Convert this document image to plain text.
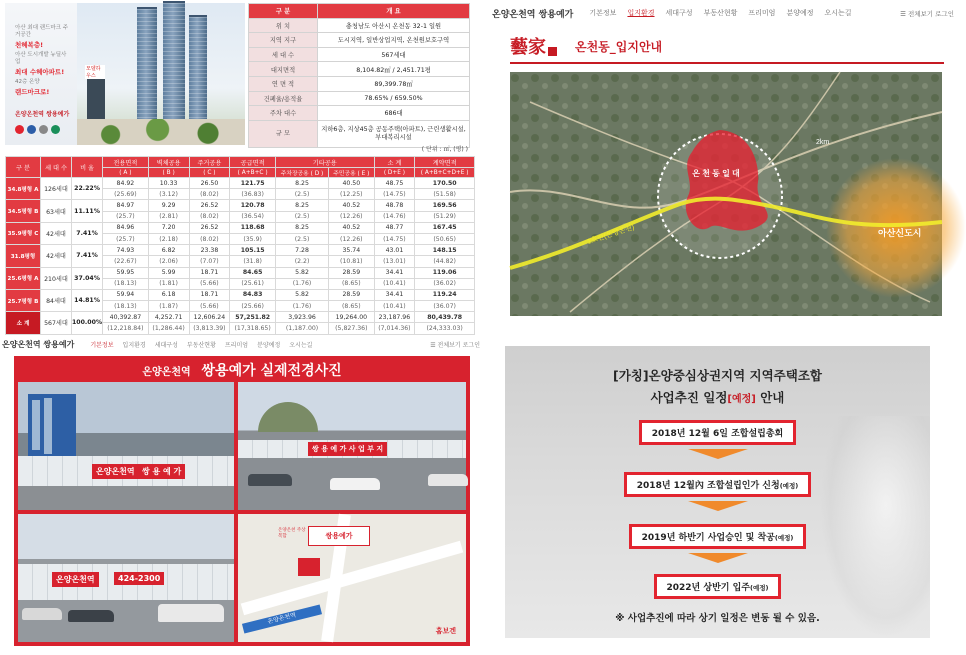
아산 최대 랜드마크 주거공간
천혜복층!
아산 도시개발 뉴딜사업
최대 수혜아파트!
42층 온양
랜드마크로!
온양온천역 쌍용예가
모델하우스
구 분	개 요
위 치	충청남도 아산시 온천동 32-1 일원
지역 지구	도시지역, 일반상업지역, 온천원보호구역
세 대 수	567세대
대지면적	8,104.82㎡ / 2,451.71평
연 면 적	89,399.78㎡
건폐율/용적율	78.65% / 659.50%
주차 대수	686대
규 모	지하6층, 지상45층 공동주택(아파트), 근린생활시설, 부대복리시설
( 단위 : ㎡, (평) )
구 분	세 대 수	비 율	전용면적	벽체공용	주거공용	공급면적	기타공용		소 계	계약면적
			( A )	( B )	( C )	( A+B+C )	주차장공용 ( D )	주민공용 ( E )	( D+E )	( A+B+C+D+E )
34.8평형 A	126세대	22.22%	84.92	10.33	26.50	121.75	8.25	40.50	48.75	170.50
			(25.69)	(3.12)	(8.02)	(36.83)	(2.5)	(12.25)	(14.75)	(51.58)
34.5평형 B	63세대	11.11%	84.97	9.29	26.52	120.78	8.25	40.52	48.78	169.56
			(25.7)	(2.81)	(8.02)	(36.54)	(2.5)	(12.26)	(14.76)	(51.29)
35.9평형 C	42세대	7.41%	84.96	7.20	26.52	118.68	8.25	40.52	48.77	167.45
			(25.7)	(2.18)	(8.02)	(35.9)	(2.5)	(12.26)	(14.75)	(50.65)
31.8평형	42세대	7.41%	74.93	6.82	23.38	105.15	7.28	35.74	43.01	148.15
			(22.67)	(2.06)	(7.07)	(31.8)	(2.2)	(10.81)	(13.01)	(44.82)
25.6평형 A	210세대	37.04%	59.95	5.99	18.71	84.65	5.82	28.59	34.41	119.06
			(18.13)	(1.81)	(5.66)	(25.61)	(1.76)	(8.65)	(10.41)	(36.02)
25.7평형 B	84세대	14.81%	59.94	6.18	18.71	84.83	5.82	28.59	34.41	119.24
			(18.13)	(1.87)	(5.66)	(25.66)	(1.76)	(8.65)	(10.41)	(36.07)
소 계	567세대	100.00%	40,392.87	4,252.71	12,606.24	57,251.82	3,923.96	19,264.00	23,187.96	80,439.78
			(12,218.84)	(1,286.44)	(3,813.39)	(17,318.65)	(1,187.00)	(5,827.36)	(7,014.36)	(24,333.03)
온양온천역 쌍용예가 기본정보 입지환경 세대구성 부동산현황 프리미엄 분양예정 오시는길	☰ 전체보기 로그인
藝家 온천동_입지안내
온 천 동 일 대
2km
아산신도시
1호선(온양온천)
온양온천역 쌍용예가	기본정보 입지환경 세대구성 부동산현황 프리미엄 분양예정 오시는길	☰ 전체보기 로그인
온양온천역 쌍용예가 실제전경사진
온양온천역 쌍 용 예 가
쌍 용 예 가 사 업 부 지
온양온천역	424-2300
쌍용예가
온양온천 주상복합
온양온천역
홈보겐
[가칭]온양중심상권지역 지역주택조합
사업추진 일정[예정] 안내
2018년 12월 6일 조합설립총회
2018년 12월內 조합설립인가 신청(예정)
2019년 하반기 사업승인 및 착공(예정)
2022년 상반기 입주(예정)
※ 사업추진에 따라 상기 일정은 변동 될 수 있음.
